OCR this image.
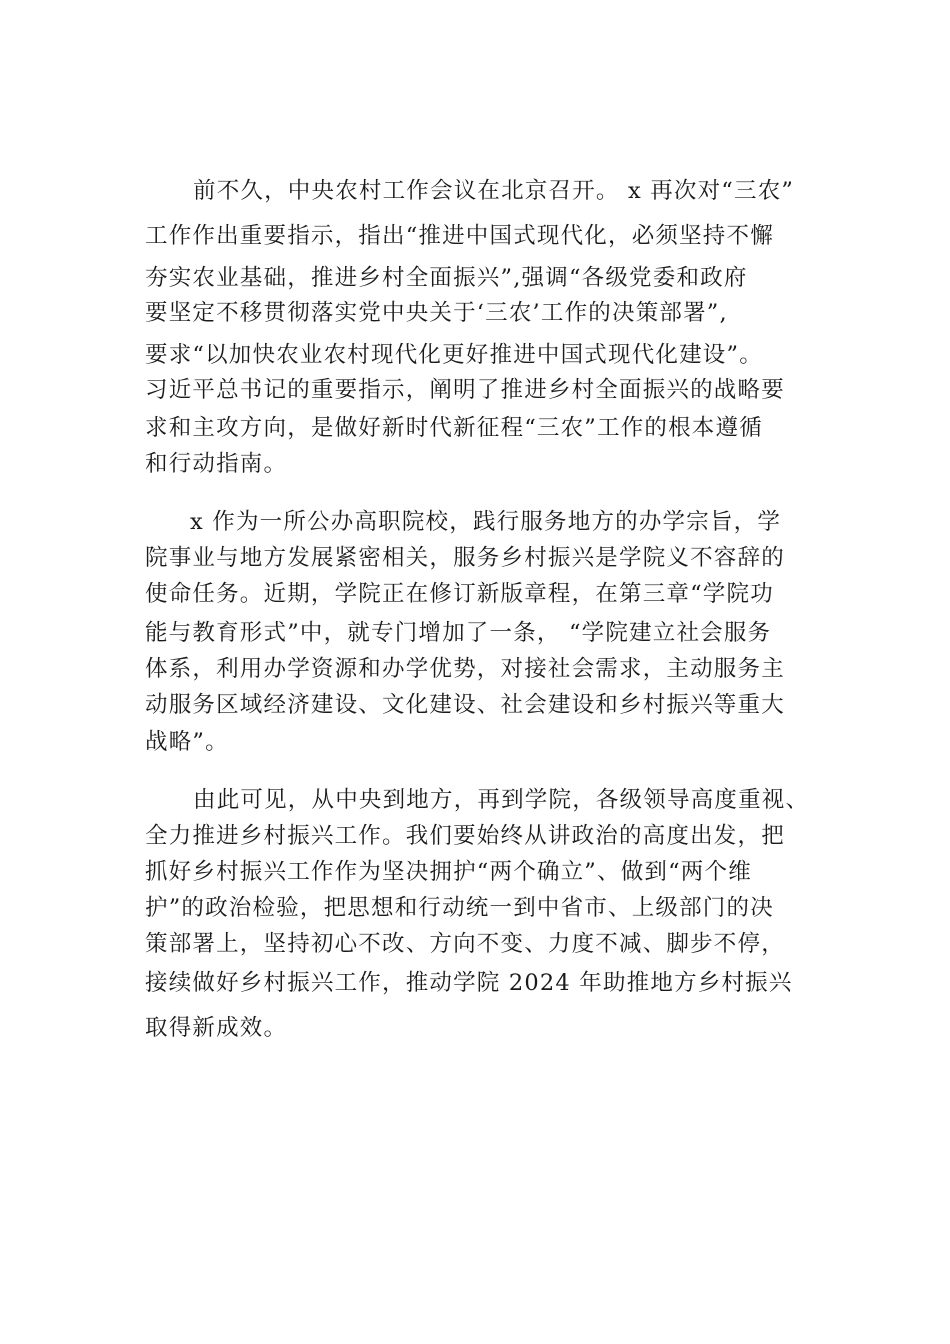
前不久，中央农村工作会议在北京召开。 x 再次对“三农”
工作作出重要指示，指出“推进中国式现代化，必须坚持不懈
夯实农业基础，推进乡村全面振兴”,强调“各级党委和政府
要坚定不移贯彻落实党中央关于‘三农’工作的决策部署”,
要求“以加快农业农村现代化更好推进中国式现代化建设”。
习近平总书记的重要指示，阐明了推进乡村全面振兴的战略要
求和主攻方向，是做好新时代新征程“三农”工作的根本遵循
和行动指南。
x 作为一所公办高职院校，践行服务地方的办学宗旨，学
院事业与地方发展紧密相关，服务乡村振兴是学院义不容辞的
使命任务。近期，学院正在修订新版章程，在第三章“学院功
能与教育形式”中，就专门增加了一条， “学院建立社会服务
体系，利用办学资源和办学优势，对接社会需求，主动服务主
动服务区域经济建设、文化建设、社会建设和乡村振兴等重大
战略”。
由此可见，从中央到地方，再到学院，各级领导高度重视、
全力推进乡村振兴工作。我们要始终从讲政治的高度出发，把
抓好乡村振兴工作作为坚决拥护“两个确立”、做到“两个维
护”的政治检验，把思想和行动统一到中省市、上级部门的决
策部署上，坚持初心不改、方向不变、力度不减、脚步不停，
接续做好乡村振兴工作，推动学院 2024 年助推地方乡村振兴
取得新成效。
